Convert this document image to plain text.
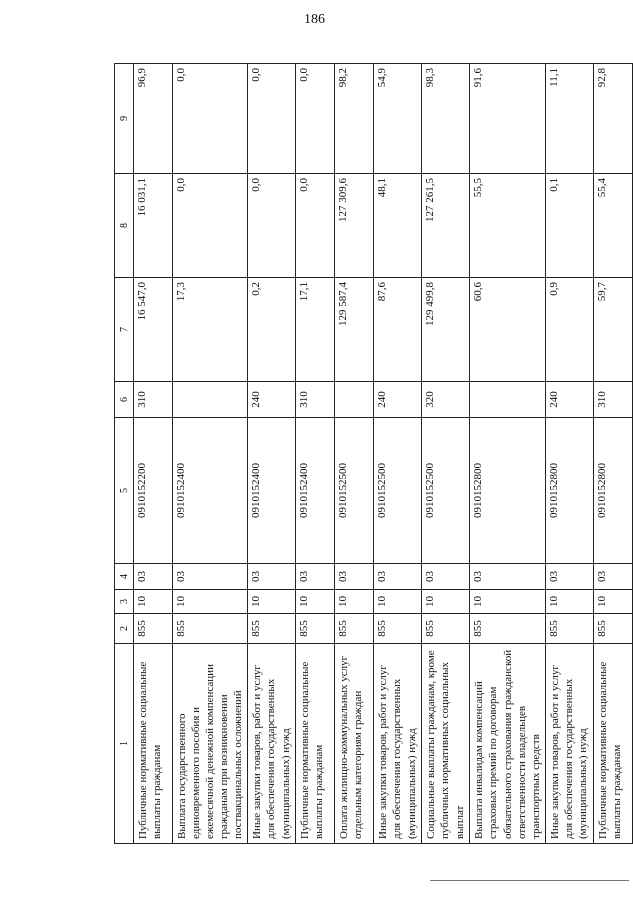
186
1	2	3	4	5	6	7	8	9
Публичные нормативные социальные выплаты гражданам	855	10	03	0910152200	310	16 547,0	16 031,1	96,9
Выплата государственного единовременного пособия и ежемесячной денежной компенсации гражданам при возникновении поствакцинальных осложнений	855	10	03	0910152400		17,3	0,0	0,0
Иные закупки товаров, работ и услуг для обеспечения государственных (муниципальных) нужд	855	10	03	0910152400	240	0,2	0,0	0,0
Публичные нормативные социальные выплаты гражданам	855	10	03	0910152400	310	17,1	0,0	0,0
Оплата жилищно-коммунальных услуг отдельным категориям граждан	855	10	03	0910152500		129 587,4	127 309,6	98,2
Иные закупки товаров, работ и услуг для обеспечения государственных (муниципальных) нужд	855	10	03	0910152500	240	87,6	48,1	54,9
Социальные выплаты гражданам, кроме публичных нормативных социальных выплат	855	10	03	0910152500	320	129 499,8	127 261,5	98,3
Выплата инвалидам компенсаций страховых премий по договорам обязательного страхования гражданской ответственности владельцев транспортных средств	855	10	03	0910152800		60,6	55,5	91,6
Иные закупки товаров, работ и услуг для обеспечения государственных (муниципальных) нужд	855	10	03	0910152800	240	0,9	0,1	11,1
Публичные нормативные социальные выплаты гражданам	855	10	03	0910152800	310	59,7	55,4	92,8
